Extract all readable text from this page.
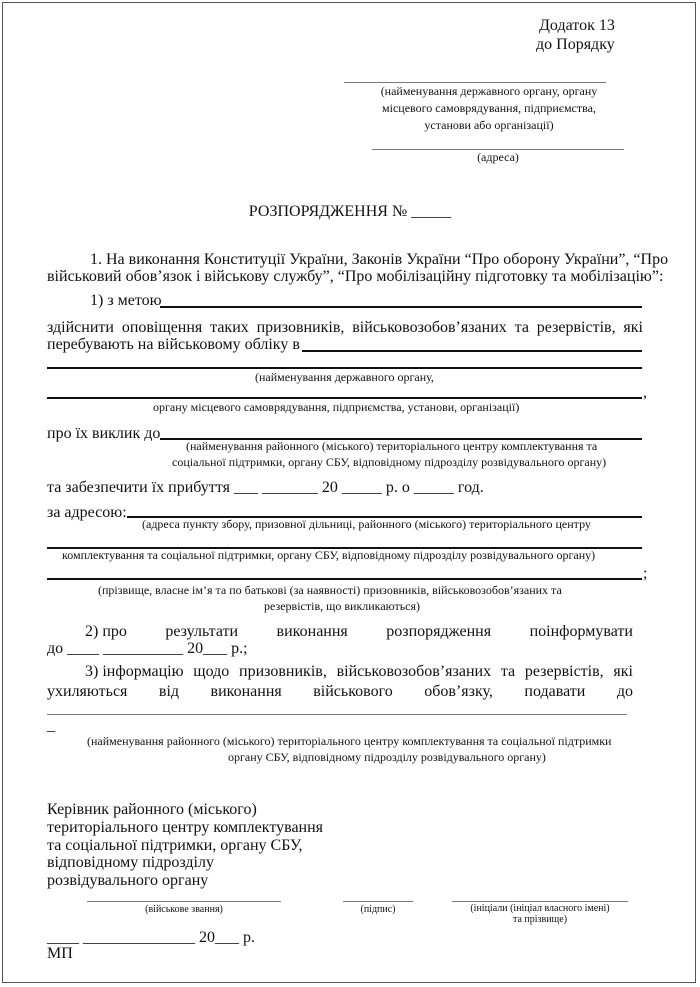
Додаток 13
до Порядку
(найменування державного органу, органу
місцевого самоврядування, підприємства,
установи або організації)
(адреса)
РОЗПОРЯДЖЕННЯ № _____
1. На виконання Конституції України, Законів України “Про оборону України”, “Про
військовий обов’язок і військову службу”, “Про мобілізаційну підготовку та мобілізацію”:
1) з метою
здійснити оповіщення таких призовників, військовозобов’язаних та резервістів, які
перебувають на військовому обліку в
(найменування державного органу,
,
органу місцевого самоврядування, підприємства, установи, організації)
про їх виклик до
(найменування районного (міського) територіального центру комплектування та
соціальної підтримки, органу СБУ, відповідному підрозділу розвідувального органу)
та забезпечити їх прибуття ___ _______ 20 _____ р. о _____ год.
за адресою:
(адреса пункту збору, призовної дільниці, районного (міського) територіального центру
комплектування та соціальної підтримки, органу СБУ, відповідному підрозділу розвідувального органу)
;
(прізвище, власне ім’я та по батькові (за наявності) призовників, військовозобов’язаних та
резервістів, що викликаються)
2) про результати виконання розпорядження поінформувати
до ____ __________ 20___ р.;
3) інформацію щодо призовників, військовозобов’язаних та резервістів, які
ухиляються від виконання військового обов’язку, подавати до
_
(найменування районного (міського) територіального центру комплектування та соціальної підтримки
органу СБУ, відповідному підрозділу розвідувального органу)
Керівник районного (міського)
територіального центру комплектування
та соціальної підтримки, органу СБУ,
відповідному підрозділу
розвідувального органу
(військове звання)	(підпис)	(ініціали (ініціал власного імені)
та прізвище)
____ ______________ 20___ р.
МП
